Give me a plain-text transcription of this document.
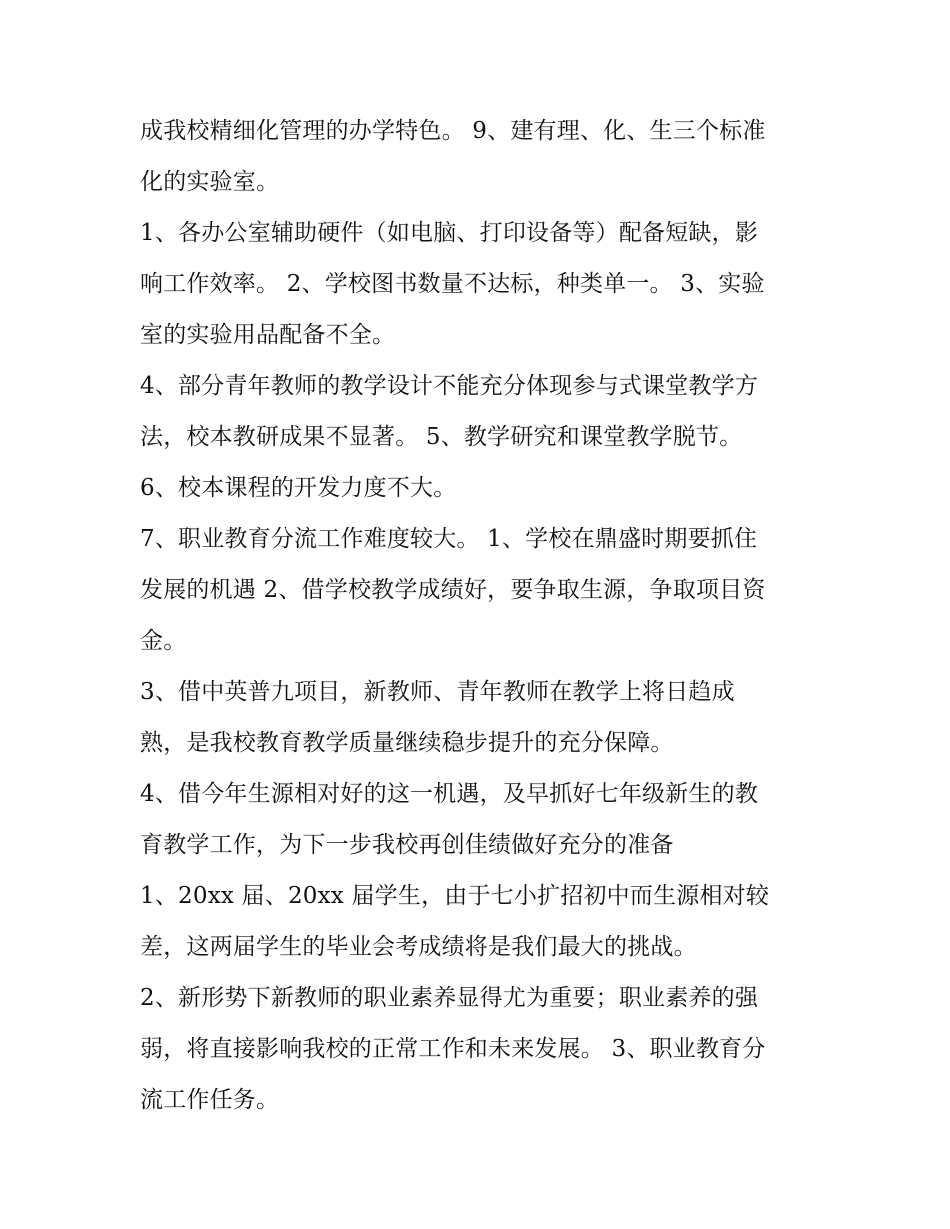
成我校精细化管理的办学特色。 9、建有理、化、生三个标准
化的实验室。
1、各办公室辅助硬件（如电脑、打印设备等）配备短缺，影
响工作效率。 2、学校图书数量不达标，种类单一。 3、实验
室的实验用品配备不全。
4、部分青年教师的教学设计不能充分体现参与式课堂教学方
法，校本教研成果不显著。 5、教学研究和课堂教学脱节。
6、校本课程的开发力度不大。
7、职业教育分流工作难度较大。 1、学校在鼎盛时期要抓住
发展的机遇 2、借学校教学成绩好，要争取生源，争取项目资
金。
3、借中英普九项目，新教师、青年教师在教学上将日趋成
熟，是我校教育教学质量继续稳步提升的充分保障。
4、借今年生源相对好的这一机遇，及早抓好七年级新生的教
育教学工作，为下一步我校再创佳绩做好充分的准备
1、20xx 届、20xx 届学生，由于七小扩招初中而生源相对较
差，这两届学生的毕业会考成绩将是我们最大的挑战。
2、新形势下新教师的职业素养显得尤为重要；职业素养的强
弱，将直接影响我校的正常工作和未来发展。 3、职业教育分
流工作任务。
